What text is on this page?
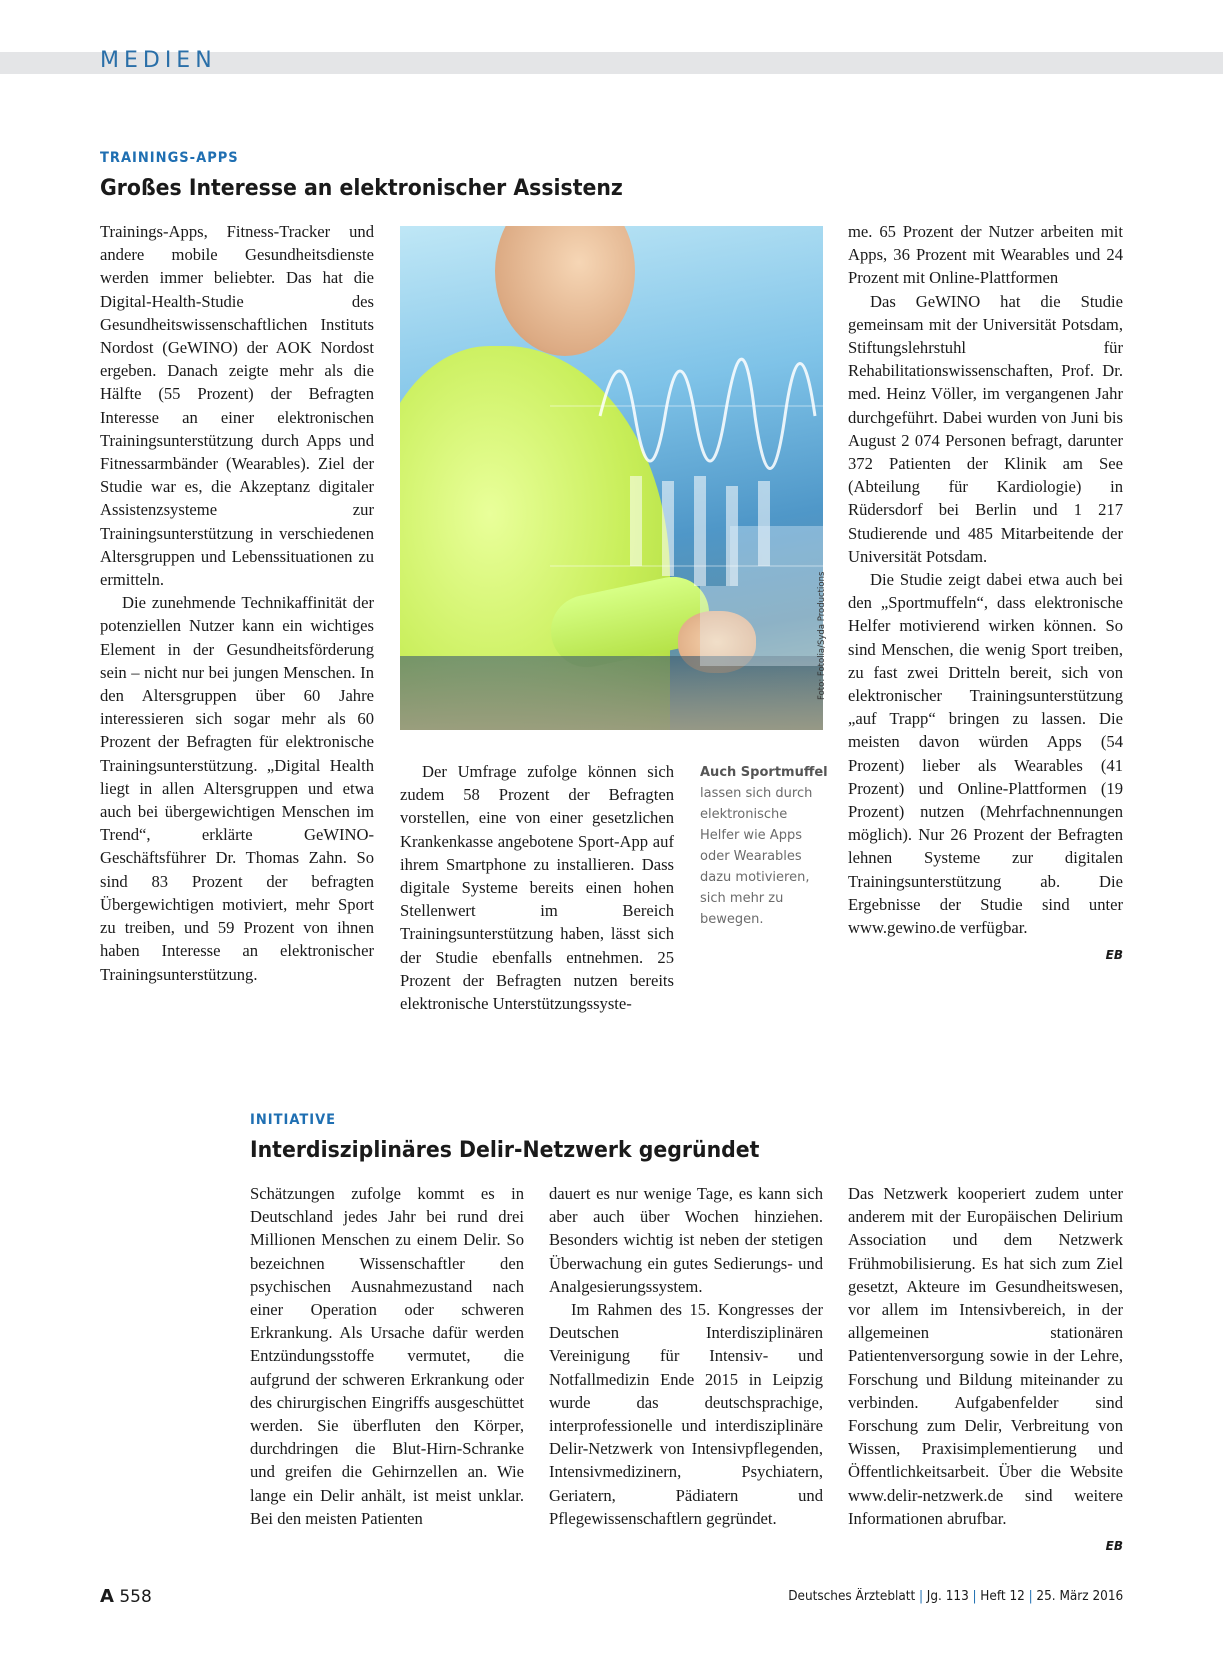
MEDIEN
TRAININGS-APPS
Großes Interesse an elektronischer Assistenz

Trainings-Apps, Fitness-Tracker und andere mobile Gesundheitsdienste werden immer beliebter. Das hat die Digital-Health-Studie des Gesundheitswissenschaftlichen Instituts Nordost (GeWINO) der AOK Nordost ergeben. Danach zeigte mehr als die Hälfte (55 Prozent) der Befragten Interesse an einer elektronischen Trainingsunterstützung durch Apps und Fitnessarmbänder (Wearables). Ziel der Studie war es, die Akzeptanz digitaler Assistenzsysteme zur Trainingsunterstützung in verschiedenen Altersgruppen und Lebenssituationen zu ermitteln.

Die zunehmende Technikaffinität der potenziellen Nutzer kann ein wichtiges Element in der Gesundheitsförderung sein – nicht nur bei jungen Menschen. In den Altersgruppen über 60 Jahre interessieren sich sogar mehr als 60 Prozent der Befragten für elektronische Trainingsunterstützung. „Digital Health liegt in allen Altersgruppen und etwa auch bei übergewichtigen Menschen im Trend“, erklärte GeWINO-Geschäftsführer Dr. Thomas Zahn. So sind 83 Prozent der befragten Übergewichtigen motiviert, mehr Sport zu treiben, und 59 Prozent von ihnen haben Interesse an elektronischer Trainingsunterstützung.

Foto: Fotolia/Syda Productions

Der Umfrage zufolge können sich zudem 58 Prozent der Befragten vorstellen, eine von einer gesetzlichen Krankenkasse angebotene Sport-App auf ihrem Smartphone zu installieren. Dass digitale Systeme bereits einen hohen Stellenwert im Bereich Trainingsunterstützung haben, lässt sich der Studie ebenfalls entnehmen. 25 Prozent der Befragten nutzen bereits elektronische Unterstützungssyste-

Auch Sportmuffel
lassen sich durch elektronische Helfer wie Apps oder Wearables dazu motivieren, sich mehr zu bewegen.

me. 65 Prozent der Nutzer arbeiten mit Apps, 36 Prozent mit Wearables und 24 Prozent mit Online-Plattformen

Das GeWINO hat die Studie gemeinsam mit der Universität Potsdam, Stiftungslehrstuhl für Rehabilitationswissenschaften, Prof. Dr. med. Heinz Völler, im vergangenen Jahr durchgeführt. Dabei wurden von Juni bis August 2 074 Personen befragt, darunter 372 Patienten der Klinik am See (Abteilung für Kardiologie) in Rüdersdorf bei Berlin und 1 217 Studierende und 485 Mitarbeitende der Universität Potsdam.

Die Studie zeigt dabei etwa auch bei den „Sportmuffeln“, dass elektronische Helfer motivierend wirken können. So sind Menschen, die wenig Sport treiben, zu fast zwei Dritteln bereit, sich von elektronischer Trainingsunterstützung „auf Trapp“ bringen zu lassen. Die meisten davon würden Apps (54 Prozent) lieber als Wearables (41 Prozent) und Online-Plattformen (19 Prozent) nutzen (Mehrfachnennungen möglich). Nur 26 Prozent der Befragten lehnen Systeme zur digitalen Trainingsunterstützung ab. Die Ergebnisse der Studie sind unter www.gewino.de verfügbar.

EB
INITIATIVE
Interdisziplinäres Delir-Netzwerk gegründet

Schätzungen zufolge kommt es in Deutschland jedes Jahr bei rund drei Millionen Menschen zu einem Delir. So bezeichnen Wissenschaftler den psychischen Ausnahmezustand nach einer Operation oder schweren Erkrankung. Als Ursache dafür werden Entzündungsstoffe vermutet, die aufgrund der schweren Erkrankung oder des chirurgischen Eingriffs ausgeschüttet werden. Sie überfluten den Körper, durchdringen die Blut-Hirn-Schranke und greifen die Gehirnzellen an. Wie lange ein Delir anhält, ist meist unklar. Bei den meisten Patienten

dauert es nur wenige Tage, es kann sich aber auch über Wochen hinziehen. Besonders wichtig ist neben der stetigen Überwachung ein gutes Sedierungs- und Analgesierungssystem.

Im Rahmen des 15. Kongresses der Deutschen Interdisziplinären Vereinigung für Intensiv- und Notfallmedizin Ende 2015 in Leipzig wurde das deutschsprachige, interprofessionelle und interdisziplinäre Delir-Netzwerk von Intensivpflegenden, Intensivmedizinern, Psychiatern, Geriatern, Pädiatern und Pflegewissenschaftlern gegründet.

Das Netzwerk kooperiert zudem unter anderem mit der Europäischen Delirium Association und dem Netzwerk Frühmobilisierung. Es hat sich zum Ziel gesetzt, Akteure im Gesundheitswesen, vor allem im Intensivbereich, in der allgemeinen stationären Patientenversorgung sowie in der Lehre, Forschung und Bildung miteinander zu verbinden. Aufgabenfelder sind Forschung zum Delir, Verbreitung von Wissen, Praxisimplementierung und Öffentlichkeitsarbeit. Über die Website www.delir-netzwerk.de sind weitere Informationen abrufbar.

EB
A 558	Deutsches Ärzteblatt | Jg. 113 | Heft 12 | 25. März 2016
